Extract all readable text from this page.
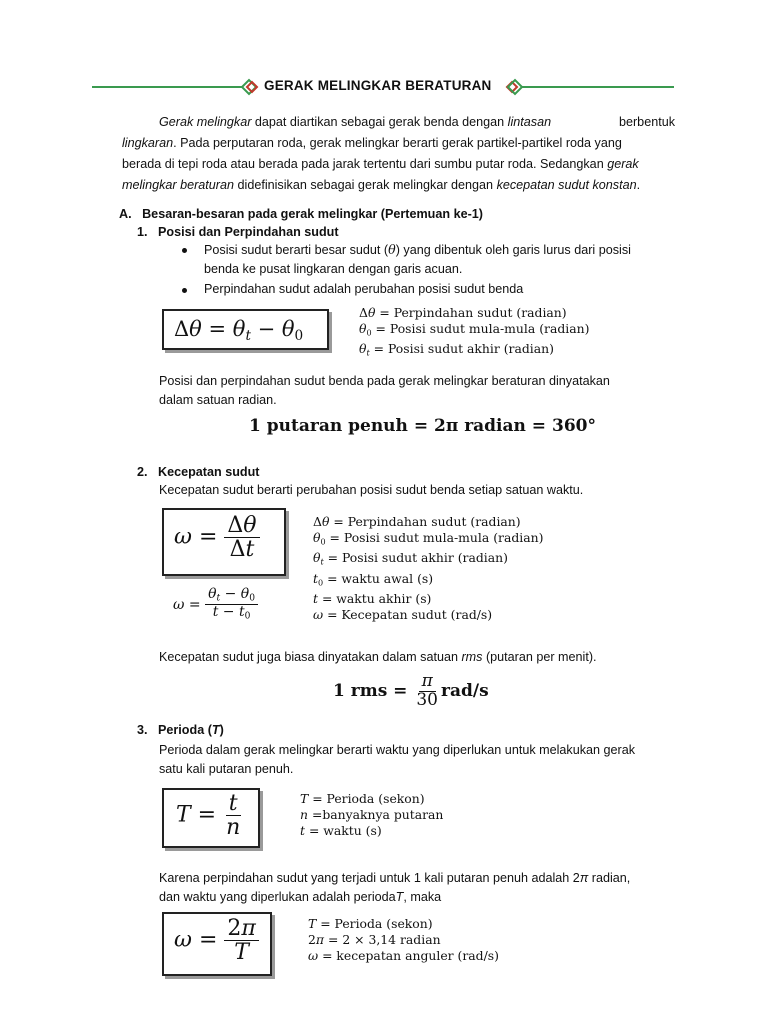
GERAK MELINGKAR BERATURAN
Gerak melingkar dapat diartikan sebagai gerak benda dengan lintasan	berbentuk
lingkaran. Pada perputaran roda, gerak melingkar berarti gerak partikel-partikel roda yang
berada di tepi roda atau berada pada jarak tertentu dari sumbu putar roda. Sedangkan gerak
melingkar beraturan didefinisikan sebagai gerak melingkar dengan kecepatan sudut konstan.
A.   Besaran-besaran pada gerak melingkar (Pertemuan ke-1)
1.   Posisi dan Perpindahan sudut
Posisi sudut berarti besar sudut (θ) yang dibentuk oleh garis lurus dari posisi
benda ke pusat lingkaran dengan garis acuan.
Perpindahan sudut adalah perubahan posisi sudut benda
$\Delta\theta = \theta_t - \theta_0$
Δθ = Perpindahan sudut (radian)
$\theta_0$ = Posisi sudut mula-mula (radian)
$\theta_t$ = Posisi sudut akhir (radian)
Posisi dan perpindahan sudut benda pada gerak melingkar beraturan dinyatakan
dalam satuan radian.
1 putaran penuh = 2π radian = 360°
2.   Kecepatan sudut
Kecepatan sudut berarti perubahan posisi sudut benda setiap satuan waktu.
$\omega = \frac{\Delta\theta}{\Delta t}$
$\omega = \frac{\theta_t - \theta_0}{t - t_0}$
Δθ = Perpindahan sudut (radian)
$\theta_0$ = Posisi sudut mula-mula (radian)
$\theta_t$ = Posisi sudut akhir (radian)
$t_0$ = waktu awal (s)
t = waktu akhir (s)
ω = Kecepatan sudut (rad/s)
Kecepatan sudut juga biasa dinyatakan dalam satuan rms (putaran per menit).
1 rms = $\frac{\pi}{30} rad/s$
3.   Perioda (T)
Perioda dalam gerak melingkar berarti waktu yang diperlukan untuk melakukan gerak
satu kali putaran penuh.
$T = \frac{t}{n}$	T = Perioda (sekon)
n =banyaknya putaran
t = waktu (s)
Karena perpindahan sudut yang terjadi untuk 1 kali putaran penuh adalah 2π radian,
dan waktu yang diperlukan adalah periodaT, maka
$\omega = \frac{2\pi}{T}$	T = Perioda (sekon)
2π = 2 × 3,14 radian
ω = kecepatan anguler (rad/s)
